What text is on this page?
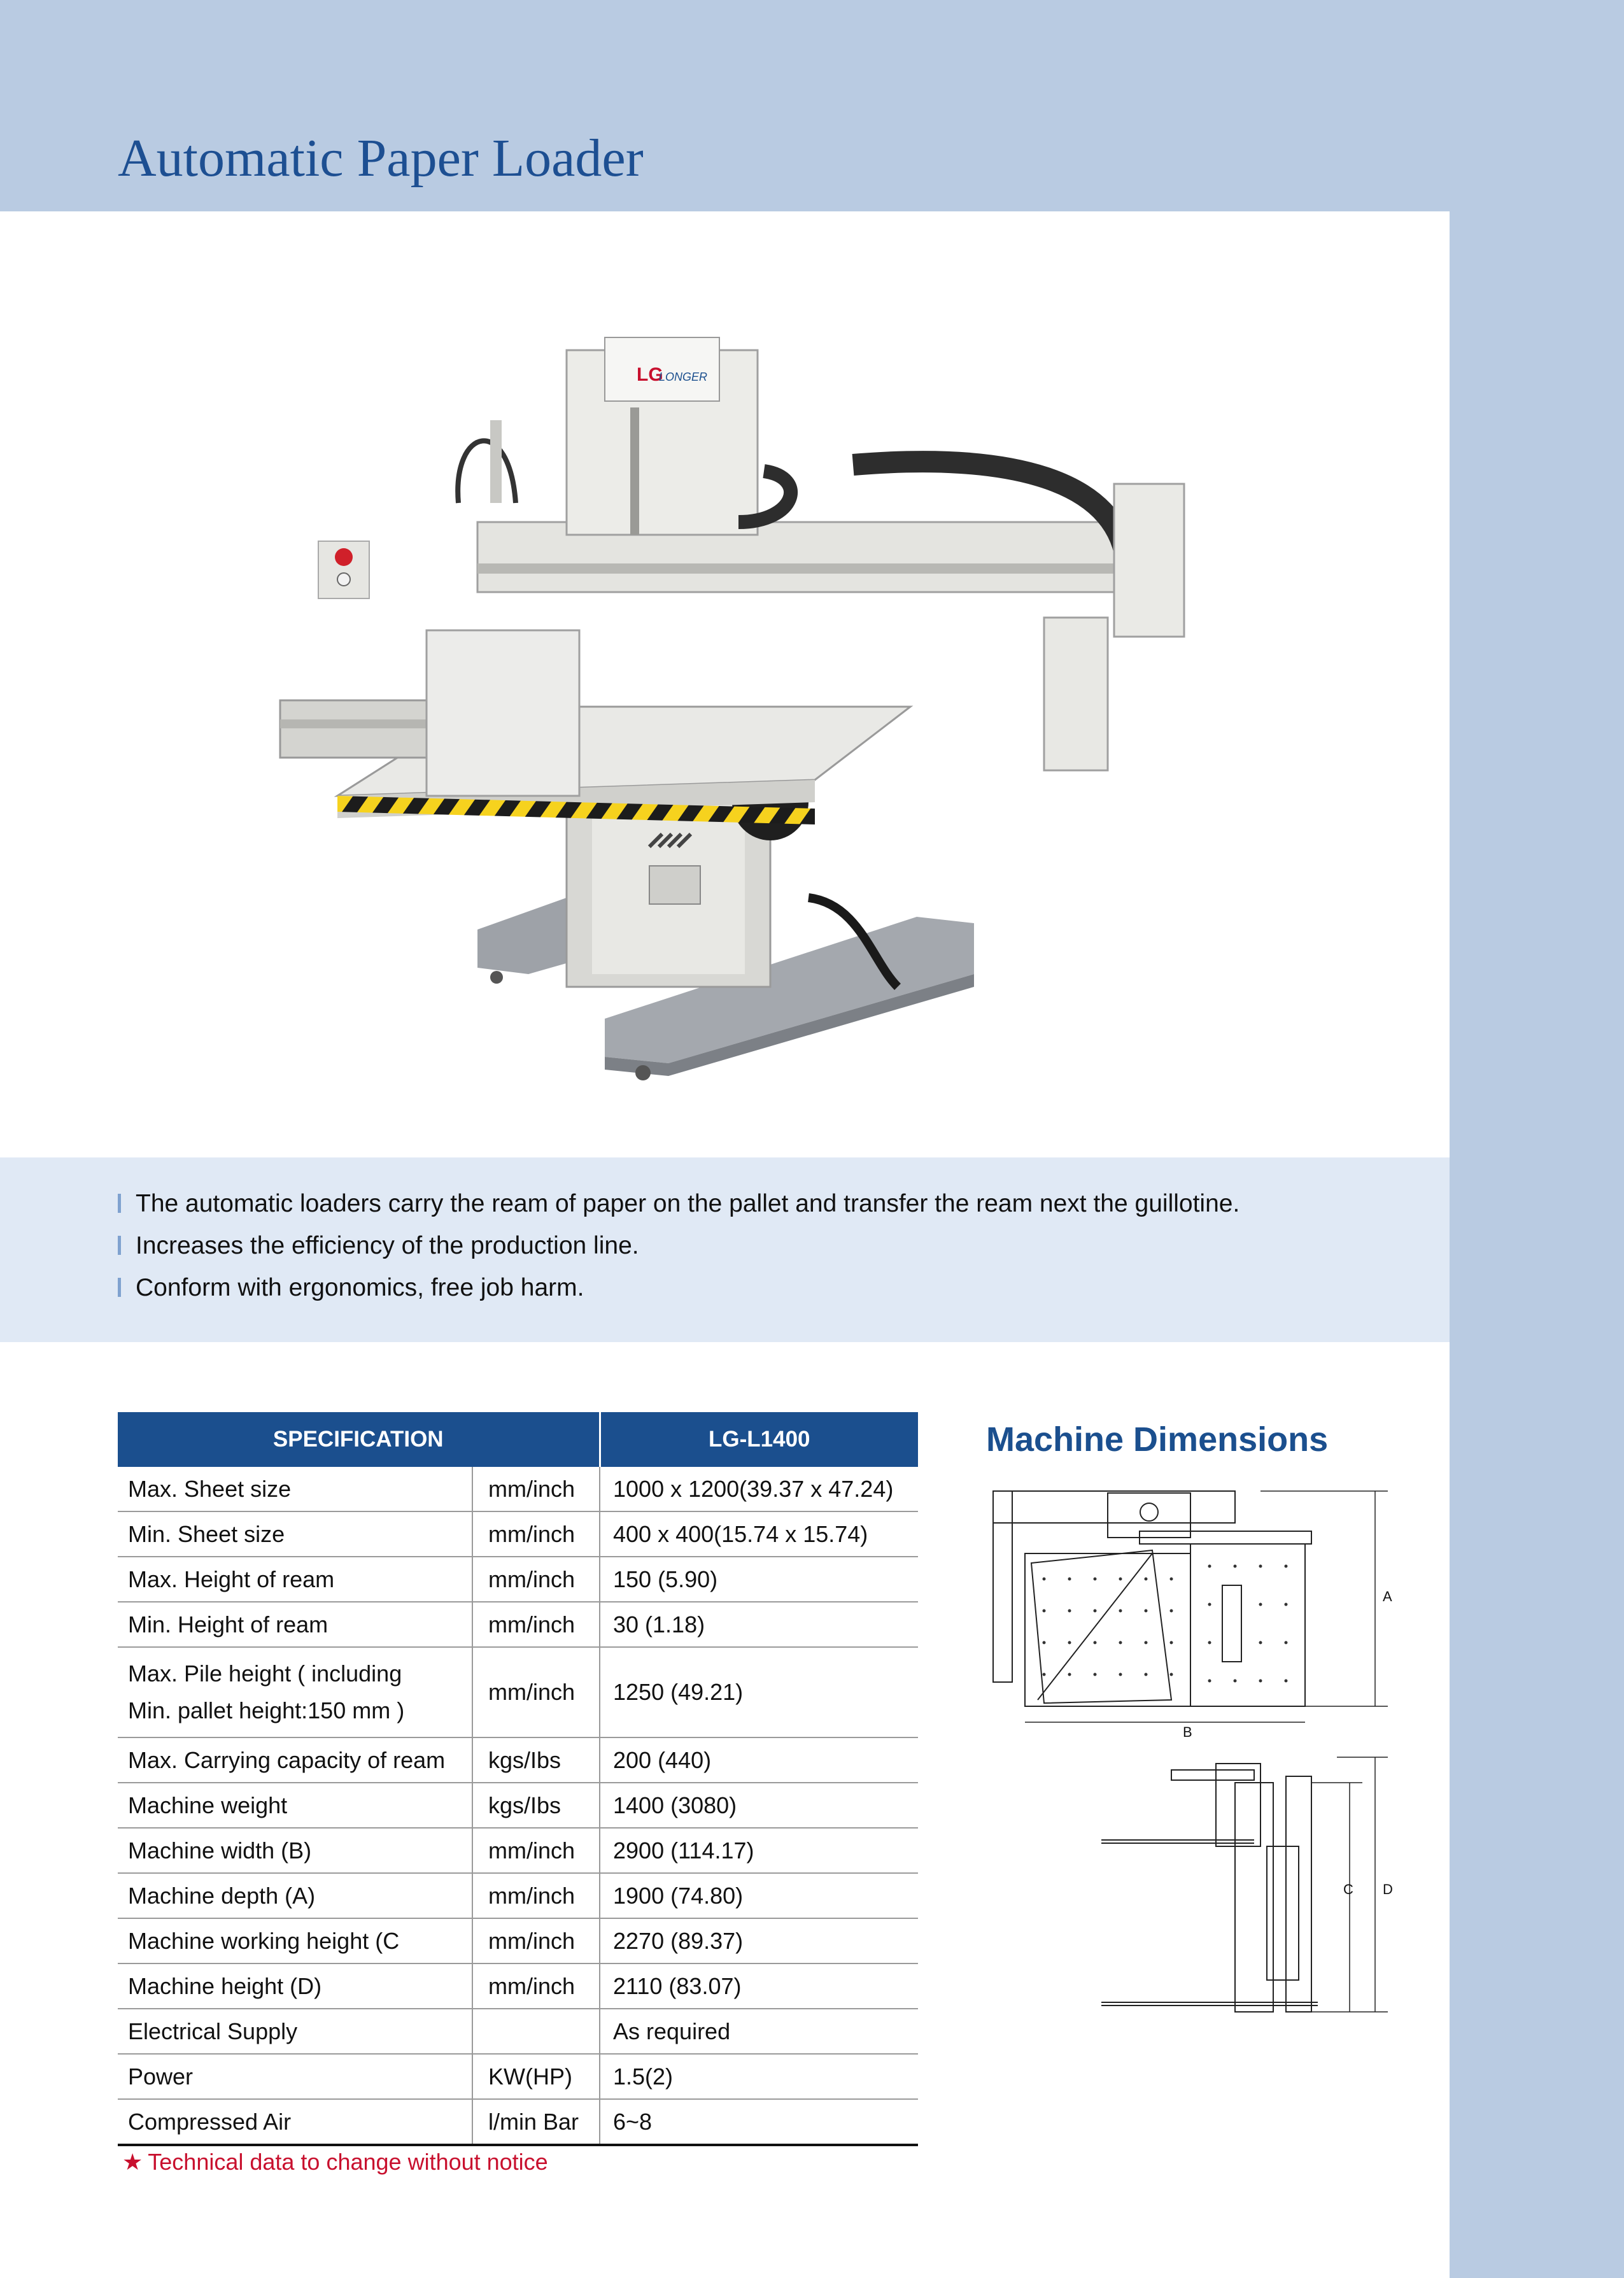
Automatic Paper Loader
LG
LONGER
The automatic loaders carry the ream of paper on the pallet and transfer the ream next the guillotine.
Increases the efficiency of the production line.
Conform with ergonomics, free job harm.
SPECIFICATION		LG-L1400
Max. Sheet size	mm/inch	1000 x 1200(39.37 x 47.24)
Min. Sheet size	mm/inch	400 x 400(15.74 x 15.74)
Max. Height of ream	mm/inch	150 (5.90)
Min. Height of ream	mm/inch	30 (1.18)

Max. Pile height ( including
Min. pallet height:150 mm )	mm/inch	1250 (49.21)
Max. Carrying capacity of ream	kgs/Ibs	200 (440)
Machine weight	kgs/Ibs	1400 (3080)
Machine width (B)	mm/inch	2900 (114.17)
Machine depth (A)	mm/inch	1900 (74.80)
Machine working height (C	mm/inch	2270 (89.37)
Machine height (D)	mm/inch	2110 (83.07)
Electrical Supply		As required
Power	KW(HP)	1.5(2)
Compressed Air	l/min Bar	6~8
★ Technical data to change without notice
Machine Dimensions
A
B
C D
